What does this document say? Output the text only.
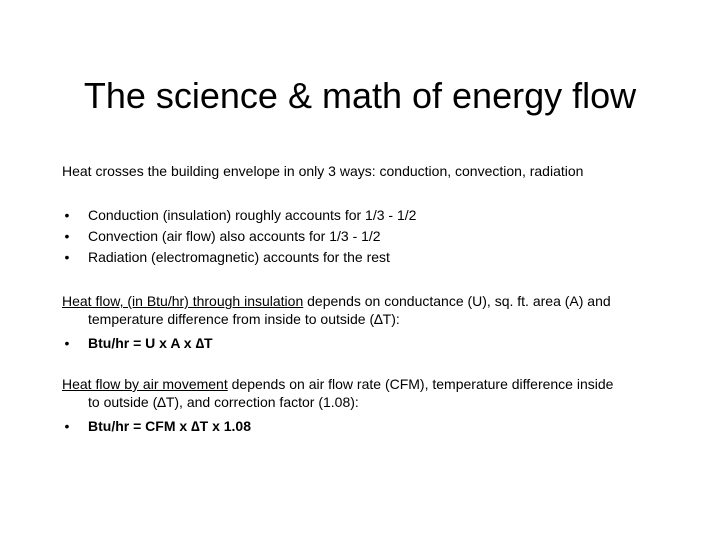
The science & math of energy flow
Heat crosses the building envelope in only 3 ways: conduction, convection, radiation
• Conduction (insulation) roughly accounts for 1/3 - 1/2
• Convection (air flow) also accounts for 1/3 - 1/2
• Radiation (electromagnetic) accounts for the rest
Heat flow, (in Btu/hr) through insulation depends on conductance (U), sq. ft. area (A) and
temperature difference from inside to outside (∆T):
• Btu/hr = U x A x ∆T
Heat flow by air movement depends on air flow rate (CFM), temperature difference inside
to outside (∆T), and correction factor (1.08):
• Btu/hr = CFM x ∆T x 1.08
